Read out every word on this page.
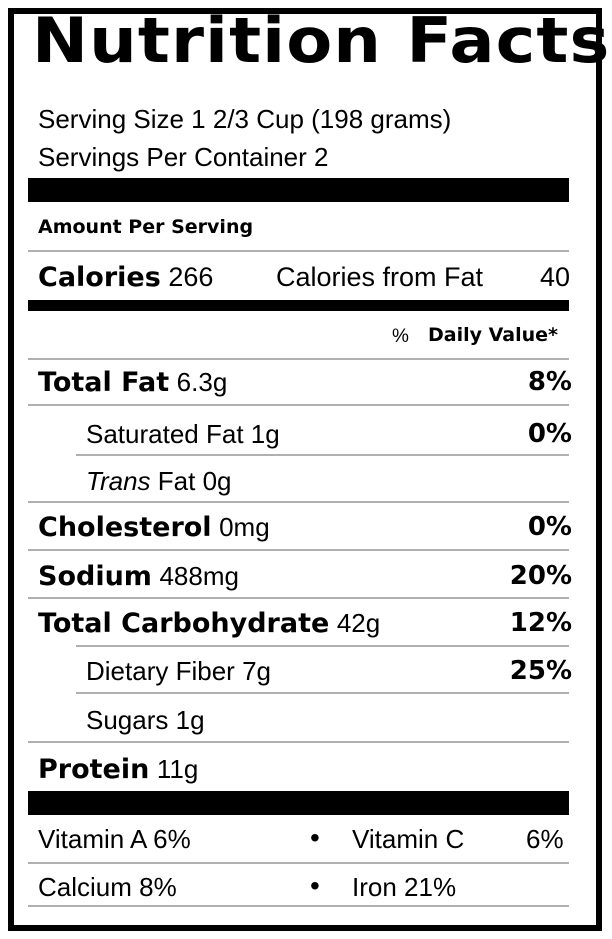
Nutrition Facts
Serving Size 1 2/3 Cup (198 grams)
Servings Per Container 2
Amount Per Serving
Calories 266 Calories from Fat 40
% Daily Value*
Total Fat 6.3g	8%
Saturated Fat 1g	0%
Trans Fat 0g
Cholesterol 0mg	0%
Sodium 488mg	20%
Total Carbohydrate 42g	12%
Dietary Fiber 7g	25%
Sugars 1g
Protein 11g
Vitamin A 6%	• Vitamin C 6%
Calcium 8%	• Iron 21%
